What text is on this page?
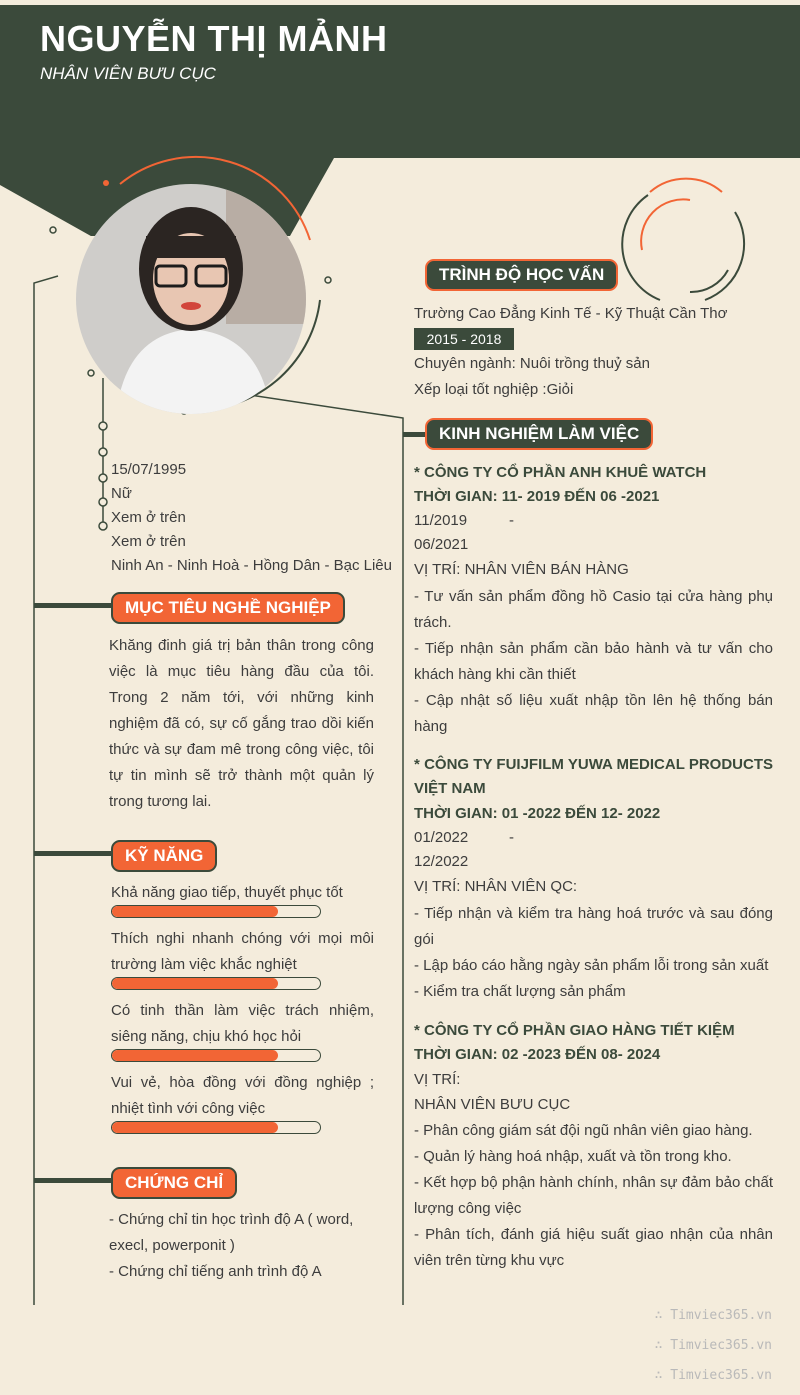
NGUYỄN THỊ MẢNH
NHÂN VIÊN BƯU CỤC
15/07/1995
Nữ
Xem ở trên
Xem ở trên
Ninh An - Ninh Hoà - Hồng Dân - Bạc Liêu
MỤC TIÊU NGHỀ NGHIỆP
Khăng đinh giá trị bản thân trong công việc là mục tiêu hàng đầu của tôi. Trong 2 năm tới, với những kinh nghiệm đã có, sự cố gắng trao dồi kiến thức và sự đam mê trong công việc, tôi tự tin mình sẽ trở thành một quản lý trong tương lai.
KỸ NĂNG
Khả năng giao tiếp, thuyết phục tốt
Thích nghi nhanh chóng với mọi môi trường làm việc khắc nghiệt
Có tinh thần làm việc trách nhiệm, siêng năng, chịu khó học hỏi
Vui vẻ, hòa đồng với đồng nghiệp ; nhiệt tình với công việc
CHỨNG CHỈ
- Chứng chỉ tin học trình độ A ( word, execl, powerponit )
- Chứng chỉ tiếng anh trình độ A
TRÌNH ĐỘ HỌC VẤN
Trường Cao Đẳng Kinh Tế - Kỹ Thuật Cần Thơ
2015 - 2018
Chuyên ngành: Nuôi trồng thuỷ sản
Xếp loại tốt nghiệp :Giỏi
KINH NGHIỆM LÀM VIỆC
* CÔNG TY CỔ PHẦN ANH KHUÊ WATCH
THỜI GIAN: 11- 2019 ĐẾN 06 -2021
11/2019	-
06/2021
VỊ TRÍ: NHÂN VIÊN BÁN HÀNG
- Tư vấn sản phẩm đồng hồ Casio tại cửa hàng phụ trách.
- Tiếp nhận sản phẩm cần bảo hành và tư vấn cho khách hàng khi cần thiết
- Cập nhật số liệu xuất nhập tồn lên hệ thống bán hàng
* CÔNG TY FUIJFILM YUWA MEDICAL PRODUCTS VIỆT NAM
THỜI GIAN: 01 -2022 ĐẾN 12- 2022
01/2022	-
12/2022
VỊ TRÍ: NHÂN VIÊN QC:
- Tiếp nhận và kiểm tra hàng hoá trước và sau đóng gói
- Lập báo cáo hằng ngày sản phẩm lỗi trong sản xuất
- Kiểm tra chất lượng sản phẩm
* CÔNG TY CỔ PHẦN GIAO HÀNG TIẾT KIỆM
THỜI GIAN: 02 -2023 ĐẾN 08- 2024
VỊ TRÍ:
NHÂN VIÊN BƯU CỤC
- Phân công giám sát đội ngũ nhân viên giao hàng.
- Quản lý hàng hoá nhập, xuất và tồn trong kho.
- Kết hợp bộ phận hành chính, nhân sự đảm bảo chất lượng công việc
- Phân tích, đánh giá hiệu suất giao nhận của nhân viên trên từng khu vực
∴ Timviec365.vn
∴ Timviec365.vn
∴ Timviec365.vn
